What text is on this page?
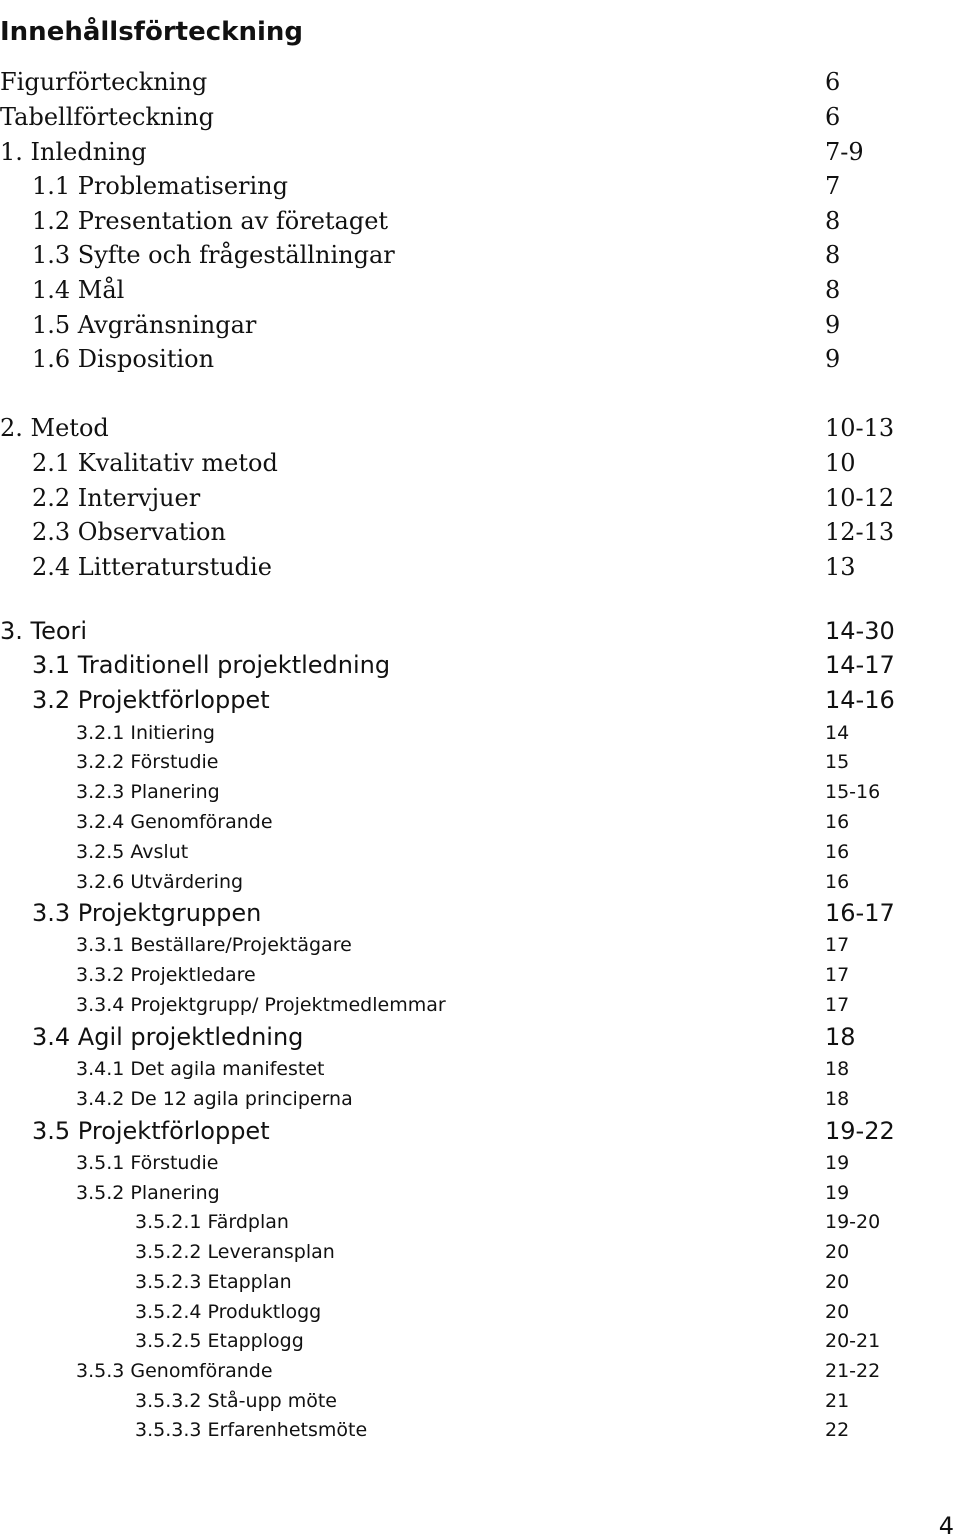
Innehållsförteckning
Figurförteckning	6
Tabellförteckning	6
1. Inledning	7-9
1.1 Problematisering	7
1.2 Presentation av företaget	8
1.3 Syfte och frågeställningar	8
1.4 Mål	8
1.5 Avgränsningar	9
1.6 Disposition	9
2. Metod	10-13
2.1 Kvalitativ metod	10
2.2 Intervjuer	10-12
2.3 Observation	12-13
2.4 Litteraturstudie	13
3. Teori	14-30
3.1 Traditionell projektledning	14-17
3.2 Projektförloppet	14-16
3.2.1 Initiering	14
3.2.2 Förstudie	15
3.2.3 Planering	15-16
3.2.4 Genomförande	16
3.2.5 Avslut	16
3.2.6 Utvärdering	16
3.3 Projektgruppen	16-17
3.3.1 Beställare/Projektägare	17
3.3.2 Projektledare	17
3.3.4 Projektgrupp/ Projektmedlemmar	17
3.4 Agil projektledning	18
3.4.1 Det agila manifestet	18
3.4.2 De 12 agila principerna	18
3.5 Projektförloppet	19-22
3.5.1 Förstudie	19
3.5.2 Planering	19
3.5.2.1 Färdplan	19-20
3.5.2.2 Leveransplan	20
3.5.2.3 Etapplan	20
3.5.2.4 Produktlogg	20
3.5.2.5 Etapplogg	20-21
3.5.3 Genomförande	21-22
3.5.3.2 Stå-upp möte	21
3.5.3.3 Erfarenhetsmöte	22
4
